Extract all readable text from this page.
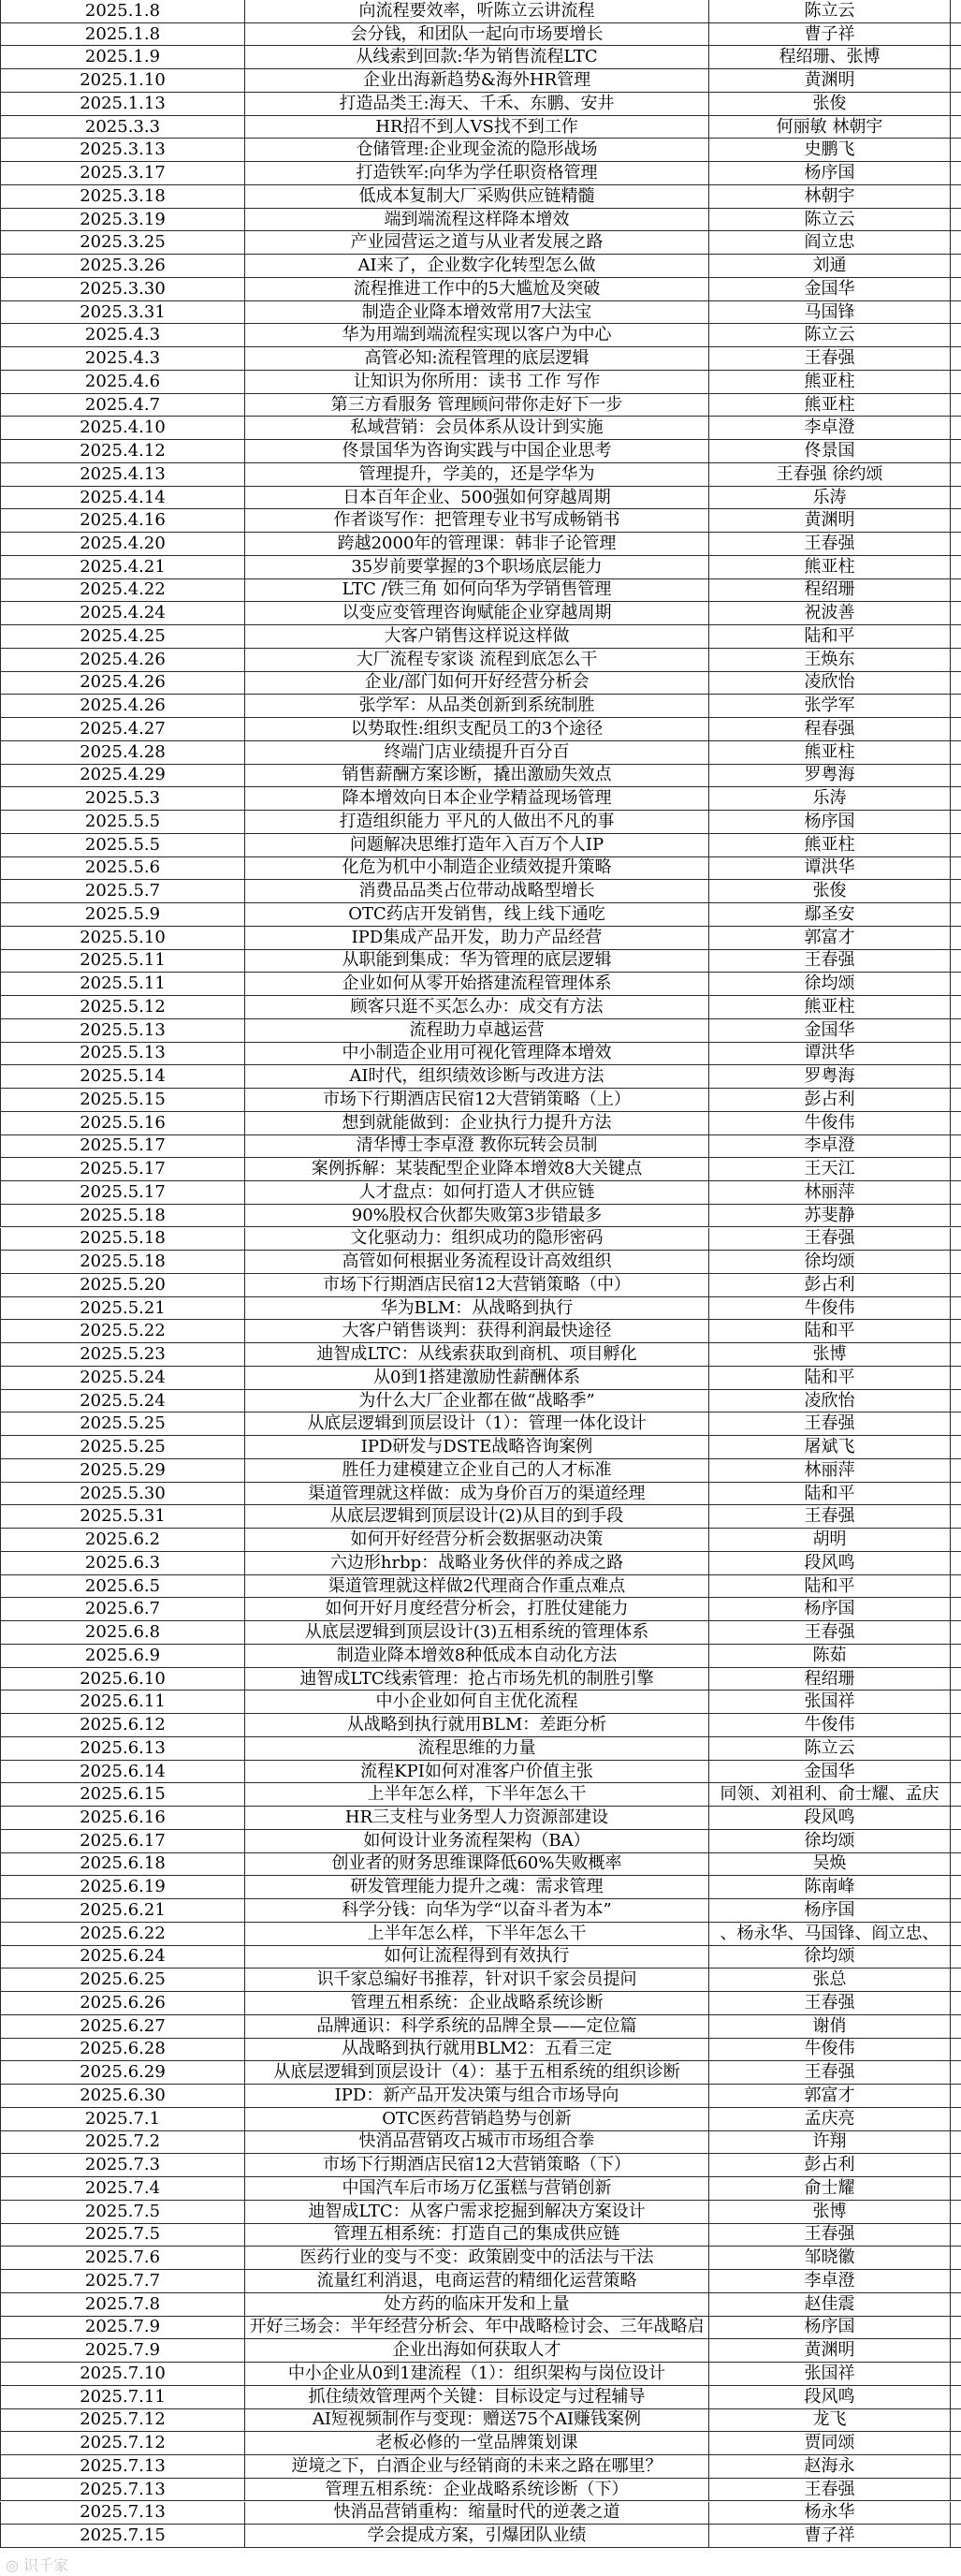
2025.1.8	向流程要效率，听陈立云讲流程	陈立云
2025.1.8	会分钱，和团队一起向市场要增长	曹子祥
2025.1.9	从线索到回款:华为销售流程LTC	程绍珊、张博
2025.1.10	企业出海新趋势&海外HR管理	黄渊明
2025.1.13	打造品类王:海天、千禾、东鹏、安井	张俊
2025.3.3	HR招不到人VS找不到工作	何丽敏 林朝宇
2025.3.13	仓储管理:企业现金流的隐形战场	史鹏飞
2025.3.17	打造铁军:向华为学任职资格管理	杨序国
2025.3.18	低成本复制大厂采购供应链精髓	林朝宇
2025.3.19	端到端流程这样降本增效	陈立云
2025.3.25	产业园营运之道与从业者发展之路	阎立忠
2025.3.26	AI来了，企业数字化转型怎么做	刘通
2025.3.30	流程推进工作中的5大尴尬及突破	金国华
2025.3.31	制造企业降本增效常用7大法宝	马国锋
2025.4.3	华为用端到端流程实现以客户为中心	陈立云
2025.4.3	高管必知:流程管理的底层逻辑	王春强
2025.4.6	让知识为你所用：读书 工作 写作	熊亚柱
2025.4.7	第三方看服务 管理顾问带你走好下一步	熊亚柱
2025.4.10	私域营销：会员体系从设计到实施	李卓澄
2025.4.12	佟景国华为咨询实践与中国企业思考	佟景国
2025.4.13	管理提升，学美的，还是学华为	王春强 徐约颂
2025.4.14	日本百年企业、500强如何穿越周期	乐涛
2025.4.16	作者谈写作：把管理专业书写成畅销书	黄渊明
2025.4.20	跨越2000年的管理课：韩非子论管理	王春强
2025.4.21	35岁前要掌握的3个职场底层能力	熊亚柱
2025.4.22	LTC /铁三角 如何向华为学销售管理	程绍珊
2025.4.24	以变应变管理咨询赋能企业穿越周期	祝波善
2025.4.25	大客户销售这样说这样做	陆和平
2025.4.26	大厂流程专家谈 流程到底怎么干	王焕东
2025.4.26	企业/部门如何开好经营分析会	凌欣怡
2025.4.26	张学军：从品类创新到系统制胜	张学军
2025.4.27	以势取性:组织支配员工的3个途径	程春强
2025.4.28	终端门店业绩提升百分百	熊亚柱
2025.4.29	销售薪酬方案诊断，撬出激励失效点	罗粤海
2025.5.3	降本增效向日本企业学精益现场管理	乐涛
2025.5.5	打造组织能力 平凡的人做出不凡的事	杨序国
2025.5.5	问题解决思维打造年入百万个人IP	熊亚柱
2025.5.6	化危为机中小制造企业绩效提升策略	谭洪华
2025.5.7	消费品品类占位带动战略型增长	张俊
2025.5.9	OTC药店开发销售，线上线下通吃	鄢圣安
2025.5.10	IPD集成产品开发，助力产品经营	郭富才
2025.5.11	从职能到集成：华为管理的底层逻辑	王春强
2025.5.11	企业如何从零开始搭建流程管理体系	徐均颂
2025.5.12	顾客只逛不买怎么办：成交有方法	熊亚柱
2025.5.13	流程助力卓越运营	金国华
2025.5.13	中小制造企业用可视化管理降本增效	谭洪华
2025.5.14	AI时代，组织绩效诊断与改进方法	罗粤海
2025.5.15	市场下行期酒店民宿12大营销策略（上）	彭占利
2025.5.16	想到就能做到：企业执行力提升方法	牛俊伟
2025.5.17	清华博士李卓澄 教你玩转会员制	李卓澄
2025.5.17	案例拆解：某装配型企业降本增效8大关键点	王天江
2025.5.17	人才盘点：如何打造人才供应链	林丽萍
2025.5.18	90%股权合伙都失败第3步错最多	苏斐静
2025.5.18	文化驱动力：组织成功的隐形密码	王春强
2025.5.18	高管如何根据业务流程设计高效组织	徐均颂
2025.5.20	市场下行期酒店民宿12大营销策略（中）	彭占利
2025.5.21	华为BLM：从战略到执行	牛俊伟
2025.5.22	大客户销售谈判：获得利润最快途径	陆和平
2025.5.23	迪智成LTC：从线索获取到商机、项目孵化	张博
2025.5.24	从0到1搭建激励性薪酬体系	陆和平
2025.5.24	为什么大厂企业都在做“战略季”	凌欣怡
2025.5.25	从底层逻辑到顶层设计（1）：管理一体化设计	王春强
2025.5.25	IPD研发与DSTE战略咨询案例	屠斌飞
2025.5.29	胜任力建模建立企业自己的人才标准	林丽萍
2025.5.30	渠道管理就这样做：成为身价百万的渠道经理	陆和平
2025.5.31	从底层逻辑到顶层设计(2)从目的到手段	王春强
2025.6.2	如何开好经营分析会数据驱动决策	胡明
2025.6.3	六边形hrbp：战略业务伙伴的养成之路	段风鸣
2025.6.5	渠道管理就这样做2代理商合作重点难点	陆和平
2025.6.7	如何开好月度经营分析会，打胜仗建能力	杨序国
2025.6.8	从底层逻辑到顶层设计(3)五相系统的管理体系	王春强
2025.6.9	制造业降本增效8种低成本自动化方法	陈茹
2025.6.10	迪智成LTC线索管理：抢占市场先机的制胜引擎	程绍珊
2025.6.11	中小企业如何自主优化流程	张国祥
2025.6.12	从战略到执行就用BLM：差距分析	牛俊伟
2025.6.13	流程思维的力量	陈立云
2025.6.14	流程KPI如何对准客户价值主张	金国华
2025.6.15	上半年怎么样，下半年怎么干	同领、刘祖利、俞士耀、孟庆
2025.6.16	HR三支柱与业务型人力资源部建设	段风鸣
2025.6.17	如何设计业务流程架构（BA）	徐均颂
2025.6.18	创业者的财务思维课降低60%失败概率	吴焕
2025.6.19	研发管理能力提升之魂：需求管理	陈南峰
2025.6.21	科学分钱：向华为学“以奋斗者为本”	杨序国
2025.6.22	上半年怎么样，下半年怎么干	、杨永华、马国锋、阎立忠、
2025.6.24	如何让流程得到有效执行	徐均颂
2025.6.25	识千家总编好书推荐，针对识千家会员提问	张总
2025.6.26	管理五相系统：企业战略系统诊断	王春强
2025.6.27	品牌通识：科学系统的品牌全景——定位篇	谢俏
2025.6.28	从战略到执行就用BLM2：五看三定	牛俊伟
2025.6.29	从底层逻辑到顶层设计（4）：基于五相系统的组织诊断	王春强
2025.6.30	IPD：新产品开发决策与组合市场导向	郭富才
2025.7.1	OTC医药营销趋势与创新	孟庆亮
2025.7.2	快消品营销攻占城市市场组合拳	许翔
2025.7.3	市场下行期酒店民宿12大营销策略（下）	彭占利
2025.7.4	中国汽车后市场万亿蛋糕与营销创新	俞士耀
2025.7.5	迪智成LTC：从客户需求挖掘到解决方案设计	张博
2025.7.5	管理五相系统：打造自己的集成供应链	王春强
2025.7.6	医药行业的变与不变：政策剧变中的活法与干法	邹晓徽
2025.7.7	流量红利消退，电商运营的精细化运营策略	李卓澄
2025.7.8	处方药的临床开发和上量	赵佳震
2025.7.9	开好三场会：半年经营分析会、年中战略检讨会、三年战略启	杨序国
2025.7.9	企业出海如何获取人才	黄渊明
2025.7.10	中小企业从0到1建流程（1）：组织架构与岗位设计	张国祥
2025.7.11	抓住绩效管理两个关键：目标设定与过程辅导	段风鸣
2025.7.12	AI短视频制作与变现：赠送75个AI赚钱案例	龙飞
2025.7.12	老板必修的一堂品牌策划课	贾同颂
2025.7.13	逆境之下，白酒企业与经销商的未来之路在哪里？	赵海永
2025.7.13	管理五相系统：企业战略系统诊断（下）	王春强
2025.7.13	快消品营销重构：缩量时代的逆袭之道	杨永华
2025.7.15	学会提成方案，引爆团队业绩	曹子祥
◎ 识千家
